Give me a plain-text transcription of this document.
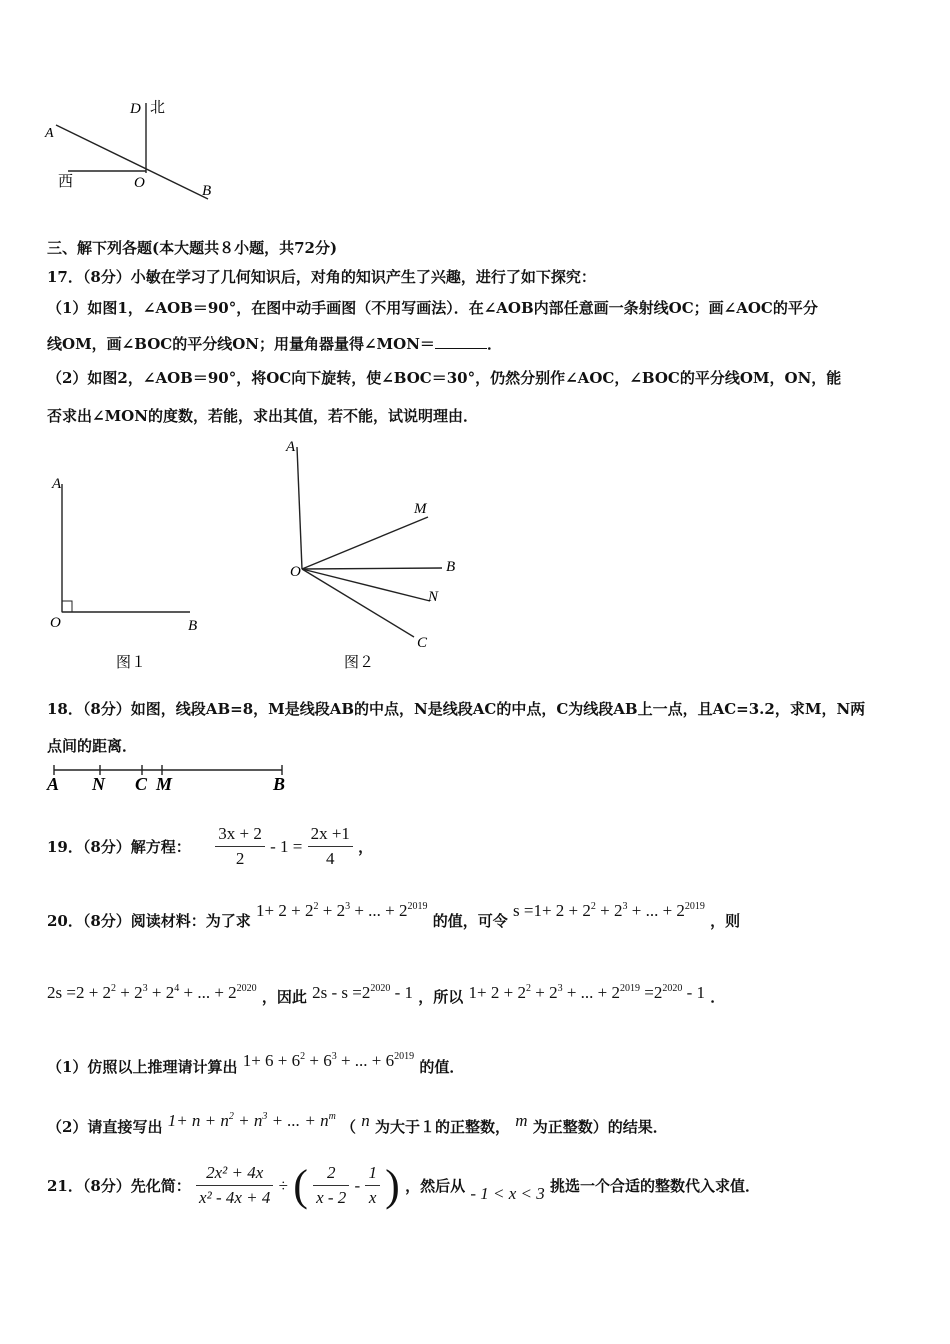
D 北
A
西	O	B
三、解下列各题(本大题共８小题，共72分)
17．（8分）小敏在学习了几何知识后，对角的知识产生了兴趣，进行了如下探究：
（1）如图1，∠AOB＝90°，在图中动手画图（不用写画法）．在∠AOB内部任意画一条射线OC；画∠AOC的平分
线OM，画∠BOC的平分线ON；用量角器量得∠MON＝	．
（2）如图2，∠AOB＝90°，将OC向下旋转，使∠BOC＝30°，仍然分别作∠AOC，∠BOC的平分线OM，ON，能
否求出∠MON的度数，若能，求出其值，若不能，试说明理由．
A
O	B
图１
A
M
O	B
N
C
图２
18．（8分）如图，线段AB=8，M是线段AB的中点，N是线段AC的中点，C为线段AB上一点，且AC=3.2，求M，N两
点间的距离．
A N C M	B
19．（8分）解方程： $\frac{3x + 2}{2} - 1 = \frac{2x +1}{4}$ ，
20．（8分）阅读材料：为了求 $1+ 2 + 2^2 + 2^3$ + ... + $2^{2019}$ 的值，可令 $s =1+ 2 + 2^2 + 2^3$ + ... + $2^{2019}$ ，则
$2s =2 + 2^2 + 2^3 + 2^4$ + ... + $2^{2020}$ ，因此 $2s - s =2^{2020} - 1$ ，所以 $1+ 2 + 2^2 + 2^3$ + ... + $2^{2019} =2^{2020} - 1$ ．
（1）仿照以上推理请计算出 $1+ 6 + 6^2 + 6^3$ + ... + $6^{2019}$ 的值．
（2）请直接写出 $1+ n + n^2 + n^3$ + ... + $n^m$ （ n 为大于１的正整数， m 为正整数）的结果．
21．（8分）先化简： $\frac{\text{2x² + 4x}}{\text{x² - 4x + 4}}$ ÷ ( $\frac{2}{x - 2} - \frac{1}{x}$ ) ，然后从 - 1 < x < 3 挑选一个合适的整数代入求值．
